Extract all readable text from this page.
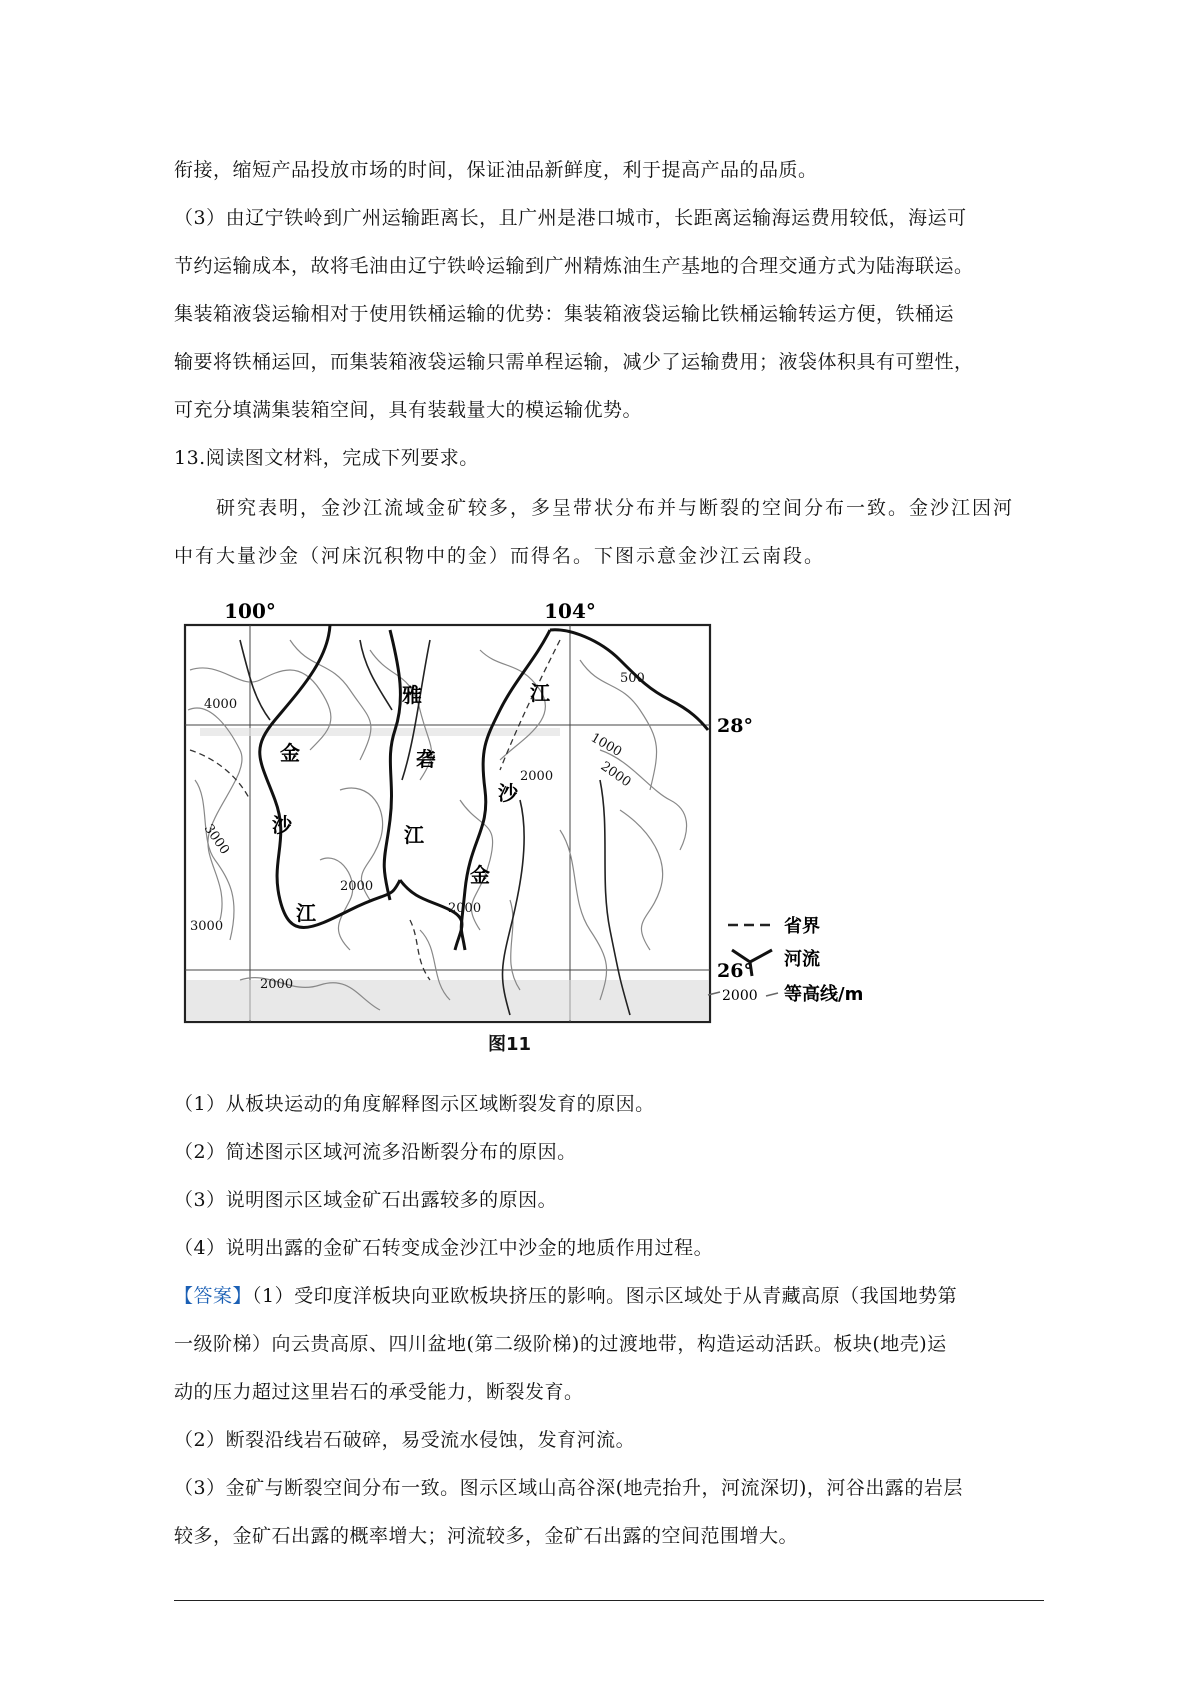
衔接，缩短产品投放市场的时间，保证油品新鲜度，利于提高产品的品质。
（3）由辽宁铁岭到广州运输距离长，且广州是港口城市，长距离运输海运费用较低，海运可
节约运输成本，故将毛油由辽宁铁岭运输到广州精炼油生产基地的合理交通方式为陆海联运。
集装箱液袋运输相对于使用铁桶运输的优势：集装箱液袋运输比铁桶运输转运方便，铁桶运
输要将铁桶运回，而集装箱液袋运输只需单程运输，减少了运输费用；液袋体积具有可塑性，
可充分填满集装箱空间，具有装载量大的模运输优势。
13.阅读图文材料，完成下列要求。
研究表明，金沙江流域金矿较多，多呈带状分布并与断裂的空间分布一致。金沙江因河
中有大量沙金（河床沉积物中的金）而得名。下图示意金沙江云南段。
100°	104°
28°
26°
4000
3000
3000
2000
2000
2000
2000
2000
1000
500
金
沙
江
雅
砻
江
江
沙
金
省界
河流
2000 等高线/m
图11
（1）从板块运动的角度解释图示区域断裂发育的原因。
（2）简述图示区域河流多沿断裂分布的原因。
（3）说明图示区域金矿石出露较多的原因。
（4）说明出露的金矿石转变成金沙江中沙金的地质作用过程。
【答案】（1）受印度洋板块向亚欧板块挤压的影响。图示区域处于从青藏高原（我国地势第
一级阶梯）向云贵高原、四川盆地(第二级阶梯)的过渡地带，构造运动活跃。板块(地壳)运
动的压力超过这里岩石的承受能力，断裂发育。
（2）断裂沿线岩石破碎，易受流水侵蚀，发育河流。
（3）金矿与断裂空间分布一致。图示区域山高谷深(地壳抬升，河流深切)，河谷出露的岩层
较多，金矿石出露的概率增大；河流较多，金矿石出露的空间范围增大。
